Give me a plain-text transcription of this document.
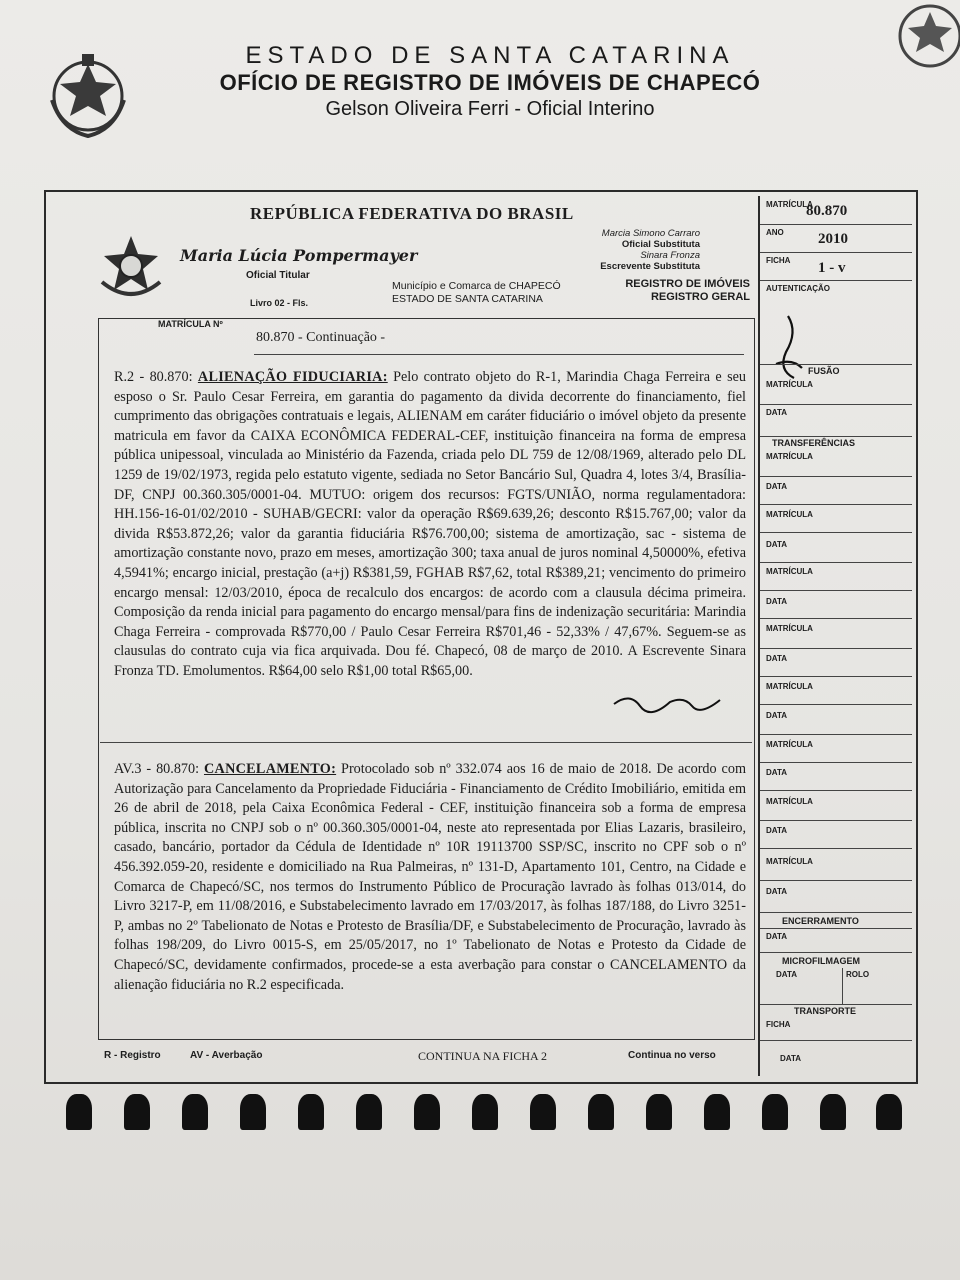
ESTADO DE SANTA CATARINA
OFÍCIO DE REGISTRO DE IMÓVEIS DE CHAPECÓ
Gelson Oliveira Ferri - Oficial Interino
REPÚBLICA FEDERATIVA DO BRASIL
Maria Lúcia Pompermayer
Oficial Titular
Livro 02 - Fls.
Município e Comarca de CHAPECÓ
ESTADO DE SANTA CATARINA
Marcia Simono Carraro
Oficial Substituta
Sinara Fronza
Escrevente Substituta
REGISTRO DE IMÓVEIS
REGISTRO GERAL
MATRÍCULA Nº
80.870 - Continuação -
R.2 - 80.870: ALIENAÇÃO FIDUCIARIA: Pelo contrato objeto do R-1, Marindia Chaga Ferreira e seu esposo o Sr. Paulo Cesar Ferreira, em garantia do pagamento da divida decorrente do financiamento, fiel cumprimento das obrigações contratuais e legais, ALIENAM em caráter fiduciário o imóvel objeto da presente matricula em favor da CAIXA ECONÔMICA FEDERAL-CEF, instituição financeira na forma de empresa pública unipessoal, vinculada ao Ministério da Fazenda, criada pelo DL 759 de 12/08/1969, alterado pelo DL 1259 de 19/02/1973, regida pelo estatuto vigente, sediada no Setor Bancário Sul, Quadra 4, lotes 3/4, Brasília-DF, CNPJ 00.360.305/0001-04. MUTUO: origem dos recursos: FGTS/UNIÃO, norma regulamentadora: HH.156-16-01/02/2010 - SUHAB/GECRI: valor da operação R$69.639,26; desconto R$15.767,00; valor da divida R$53.872,26; valor da garantia fiduciária R$76.700,00; sistema de amortização, sac - sistema de amortização constante novo, prazo em meses, amortização 300; taxa anual de juros nominal 4,50000%, efetiva 4,5941%; encargo inicial, prestação (a+j) R$381,59, FGHAB R$7,62, total R$389,21; vencimento do primeiro encargo mensal: 12/03/2010, época de recalculo dos encargos: de acordo com a clausula décima primeira. Composição da renda inicial para pagamento do encargo mensal/para fins de indenização securitária: Marindia Chaga Ferreira - comprovada R$770,00 / Paulo Cesar Ferreira R$701,46 - 52,33% / 47,67%. Seguem-se as clausulas do contrato cuja via fica arquivada. Dou fé. Chapecó, 08 de março de 2010. A Escrevente Sinara Fronza TD. Emolumentos. R$64,00 selo R$1,00 total R$65,00.
AV.3 - 80.870: CANCELAMENTO: Protocolado sob nº 332.074 aos 16 de maio de 2018. De acordo com Autorização para Cancelamento da Propriedade Fiduciária - Financiamento de Crédito Imobiliário, emitida em 26 de abril de 2018, pela Caixa Econômica Federal - CEF, instituição financeira sob a forma de empresa pública, inscrita no CNPJ sob o nº 00.360.305/0001-04, neste ato representada por Elias Lazaris, brasileiro, casado, bancário, portador da Cédula de Identidade nº 10R 19113700 SSP/SC, inscrito no CPF sob o nº 456.392.059-20, residente e domiciliado na Rua Palmeiras, nº 131-D, Apartamento 101, Centro, na Cidade e Comarca de Chapecó/SC, nos termos do Instrumento Público de Procuração lavrado às folhas 013/014, do Livro 3217-P, em 11/08/2016, e Substabelecimento lavrado em 17/03/2017, às folhas 187/188, do Livro 3251-P, ambas no 2º Tabelionato de Notas e Protesto de Brasília/DF, e Substabelecimento de Procuração, lavrado às folhas 198/209, do Livro 0015-S, em 25/05/2017, no 1º Tabelionato de Notas e Protesto da Cidade de Chapecó/SC, devidamente confirmados, procede-se a esta averbação para constar o CANCELAMENTO da alienação fiduciária no R.2 especificada.
R - Registro	AV - Averbação	CONTINUA NA FICHA 2	Continua no verso
MATRÍCULA
80.870
ANO 2010
FICHA 1 - v
AUTENTICAÇÃO
FUSÃO
MATRÍCULA
DATA
TRANSFERÊNCIAS
MATRÍCULA
DATA
MATRÍCULA
DATA
MATRÍCULA
DATA
MATRÍCULA
DATA
MATRÍCULA
DATA
MATRÍCULA
DATA
MATRÍCULA
DATA
MATRÍCULA
DATA
ENCERRAMENTO
DATA
MICROFILMAGEM
DATA	ROLO
TRANSPORTE
FICHA
DATA
